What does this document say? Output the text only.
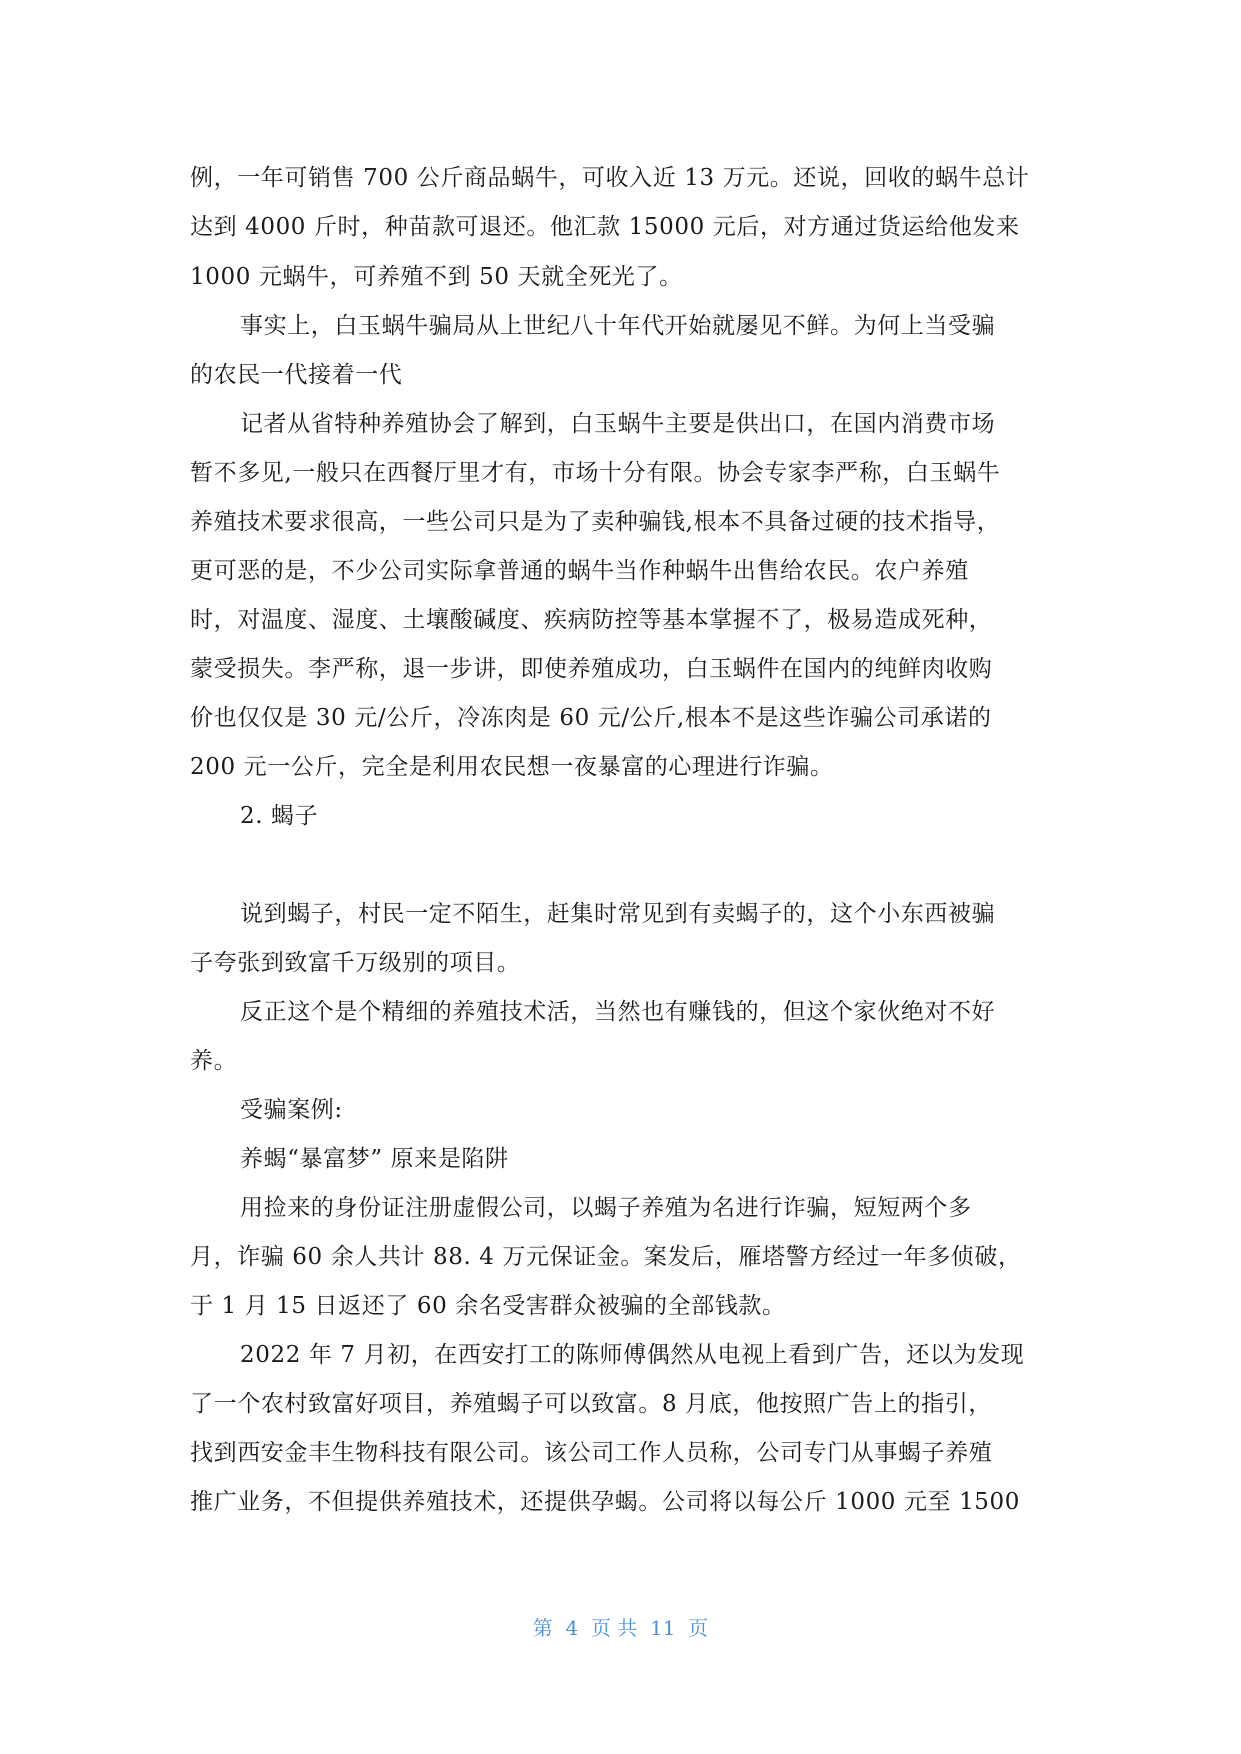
例，一年可销售 700 公斤商品蜗牛，可收入近 13 万元。还说，回收的蜗牛总计
达到 4000 斤时，种苗款可退还。他汇款 15000 元后，对方通过货运给他发来
1000 元蜗牛，可养殖不到 50 天就全死光了。
事实上，白玉蜗牛骗局从上世纪八十年代开始就屡见不鲜。为何上当受骗
的农民一代接着一代
记者从省特种养殖协会了解到，白玉蜗牛主要是供出口，在国内消费市场
暂不多见,一般只在西餐厅里才有，市场十分有限。协会专家李严称，白玉蜗牛
养殖技术要求很高，一些公司只是为了卖种骗钱,根本不具备过硬的技术指导，
更可恶的是，不少公司实际拿普通的蜗牛当作种蜗牛出售给农民。农户养殖
时，对温度、湿度、土壤酸碱度、疾病防控等基本掌握不了，极易造成死种，
蒙受损失。李严称，退一步讲，即使养殖成功，白玉蜗件在国内的纯鲜肉收购
价也仅仅是 30 元/公斤，冷冻肉是 60 元/公斤,根本不是这些诈骗公司承诺的
200 元一公斤，完全是利用农民想一夜暴富的心理进行诈骗。
2. 蝎子
说到蝎子，村民一定不陌生，赶集时常见到有卖蝎子的，这个小东西被骗
子夸张到致富千万级别的项目。
反正这个是个精细的养殖技术活，当然也有赚钱的，但这个家伙绝对不好
养。
受骗案例:
养蝎“暴富梦” 原来是陷阱
用捡来的身份证注册虚假公司，以蝎子养殖为名进行诈骗，短短两个多
月，诈骗 60 余人共计 88. 4 万元保证金。案发后，雁塔警方经过一年多侦破，
于 1 月 15 日返还了 60 余名受害群众被骗的全部钱款。
2022 年 7 月初，在西安打工的陈师傅偶然从电视上看到广告，还以为发现
了一个农村致富好项目，养殖蝎子可以致富。8 月底，他按照广告上的指引，
找到西安金丰生物科技有限公司。该公司工作人员称，公司专门从事蝎子养殖
推广业务，不但提供养殖技术，还提供孕蝎。公司将以每公斤 1000 元至 1500
第  4  页 共  11  页
